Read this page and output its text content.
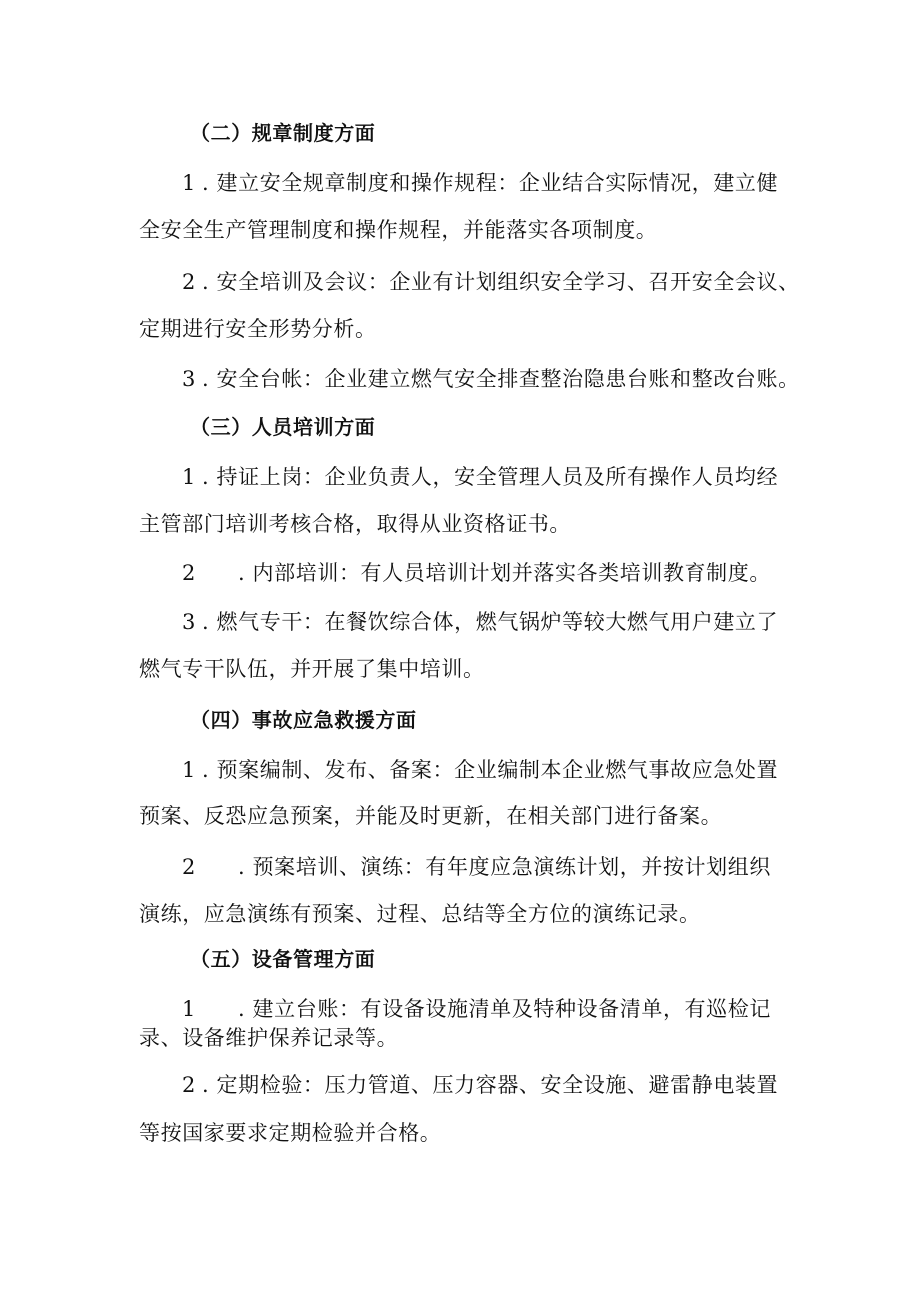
（二）规章制度方面
1 . 建立安全规章制度和操作规程：企业结合实际情况，建立健
全安全生产管理制度和操作规程，并能落实各项制度。
2 . 安全培训及会议：企业有计划组织安全学习、召开安全会议、
定期进行安全形势分析。
3 . 安全台帐：企业建立燃气安全排查整治隐患台账和整改台账。
（三）人员培训方面
1 . 持证上岗：企业负责人，安全管理人员及所有操作人员均经
主管部门培训考核合格，取得从业资格证书。
2 . 内部培训：有人员培训计划并落实各类培训教育制度。
3 . 燃气专干：在餐饮综合体，燃气锅炉等较大燃气用户建立了
燃气专干队伍，并开展了集中培训。
（四）事故应急救援方面
1 . 预案编制、发布、备案：企业编制本企业燃气事故应急处置
预案、反恐应急预案，并能及时更新，在相关部门进行备案。
2 . 预案培训、演练：有年度应急演练计划，并按计划组织
演练，应急演练有预案、过程、总结等全方位的演练记录。
（五）设备管理方面
1 . 建立台账：有设备设施清单及特种设备清单，有巡检记
录、设备维护保养记录等。
2 . 定期检验：压力管道、压力容器、安全设施、避雷静电装置
等按国家要求定期检验并合格。
